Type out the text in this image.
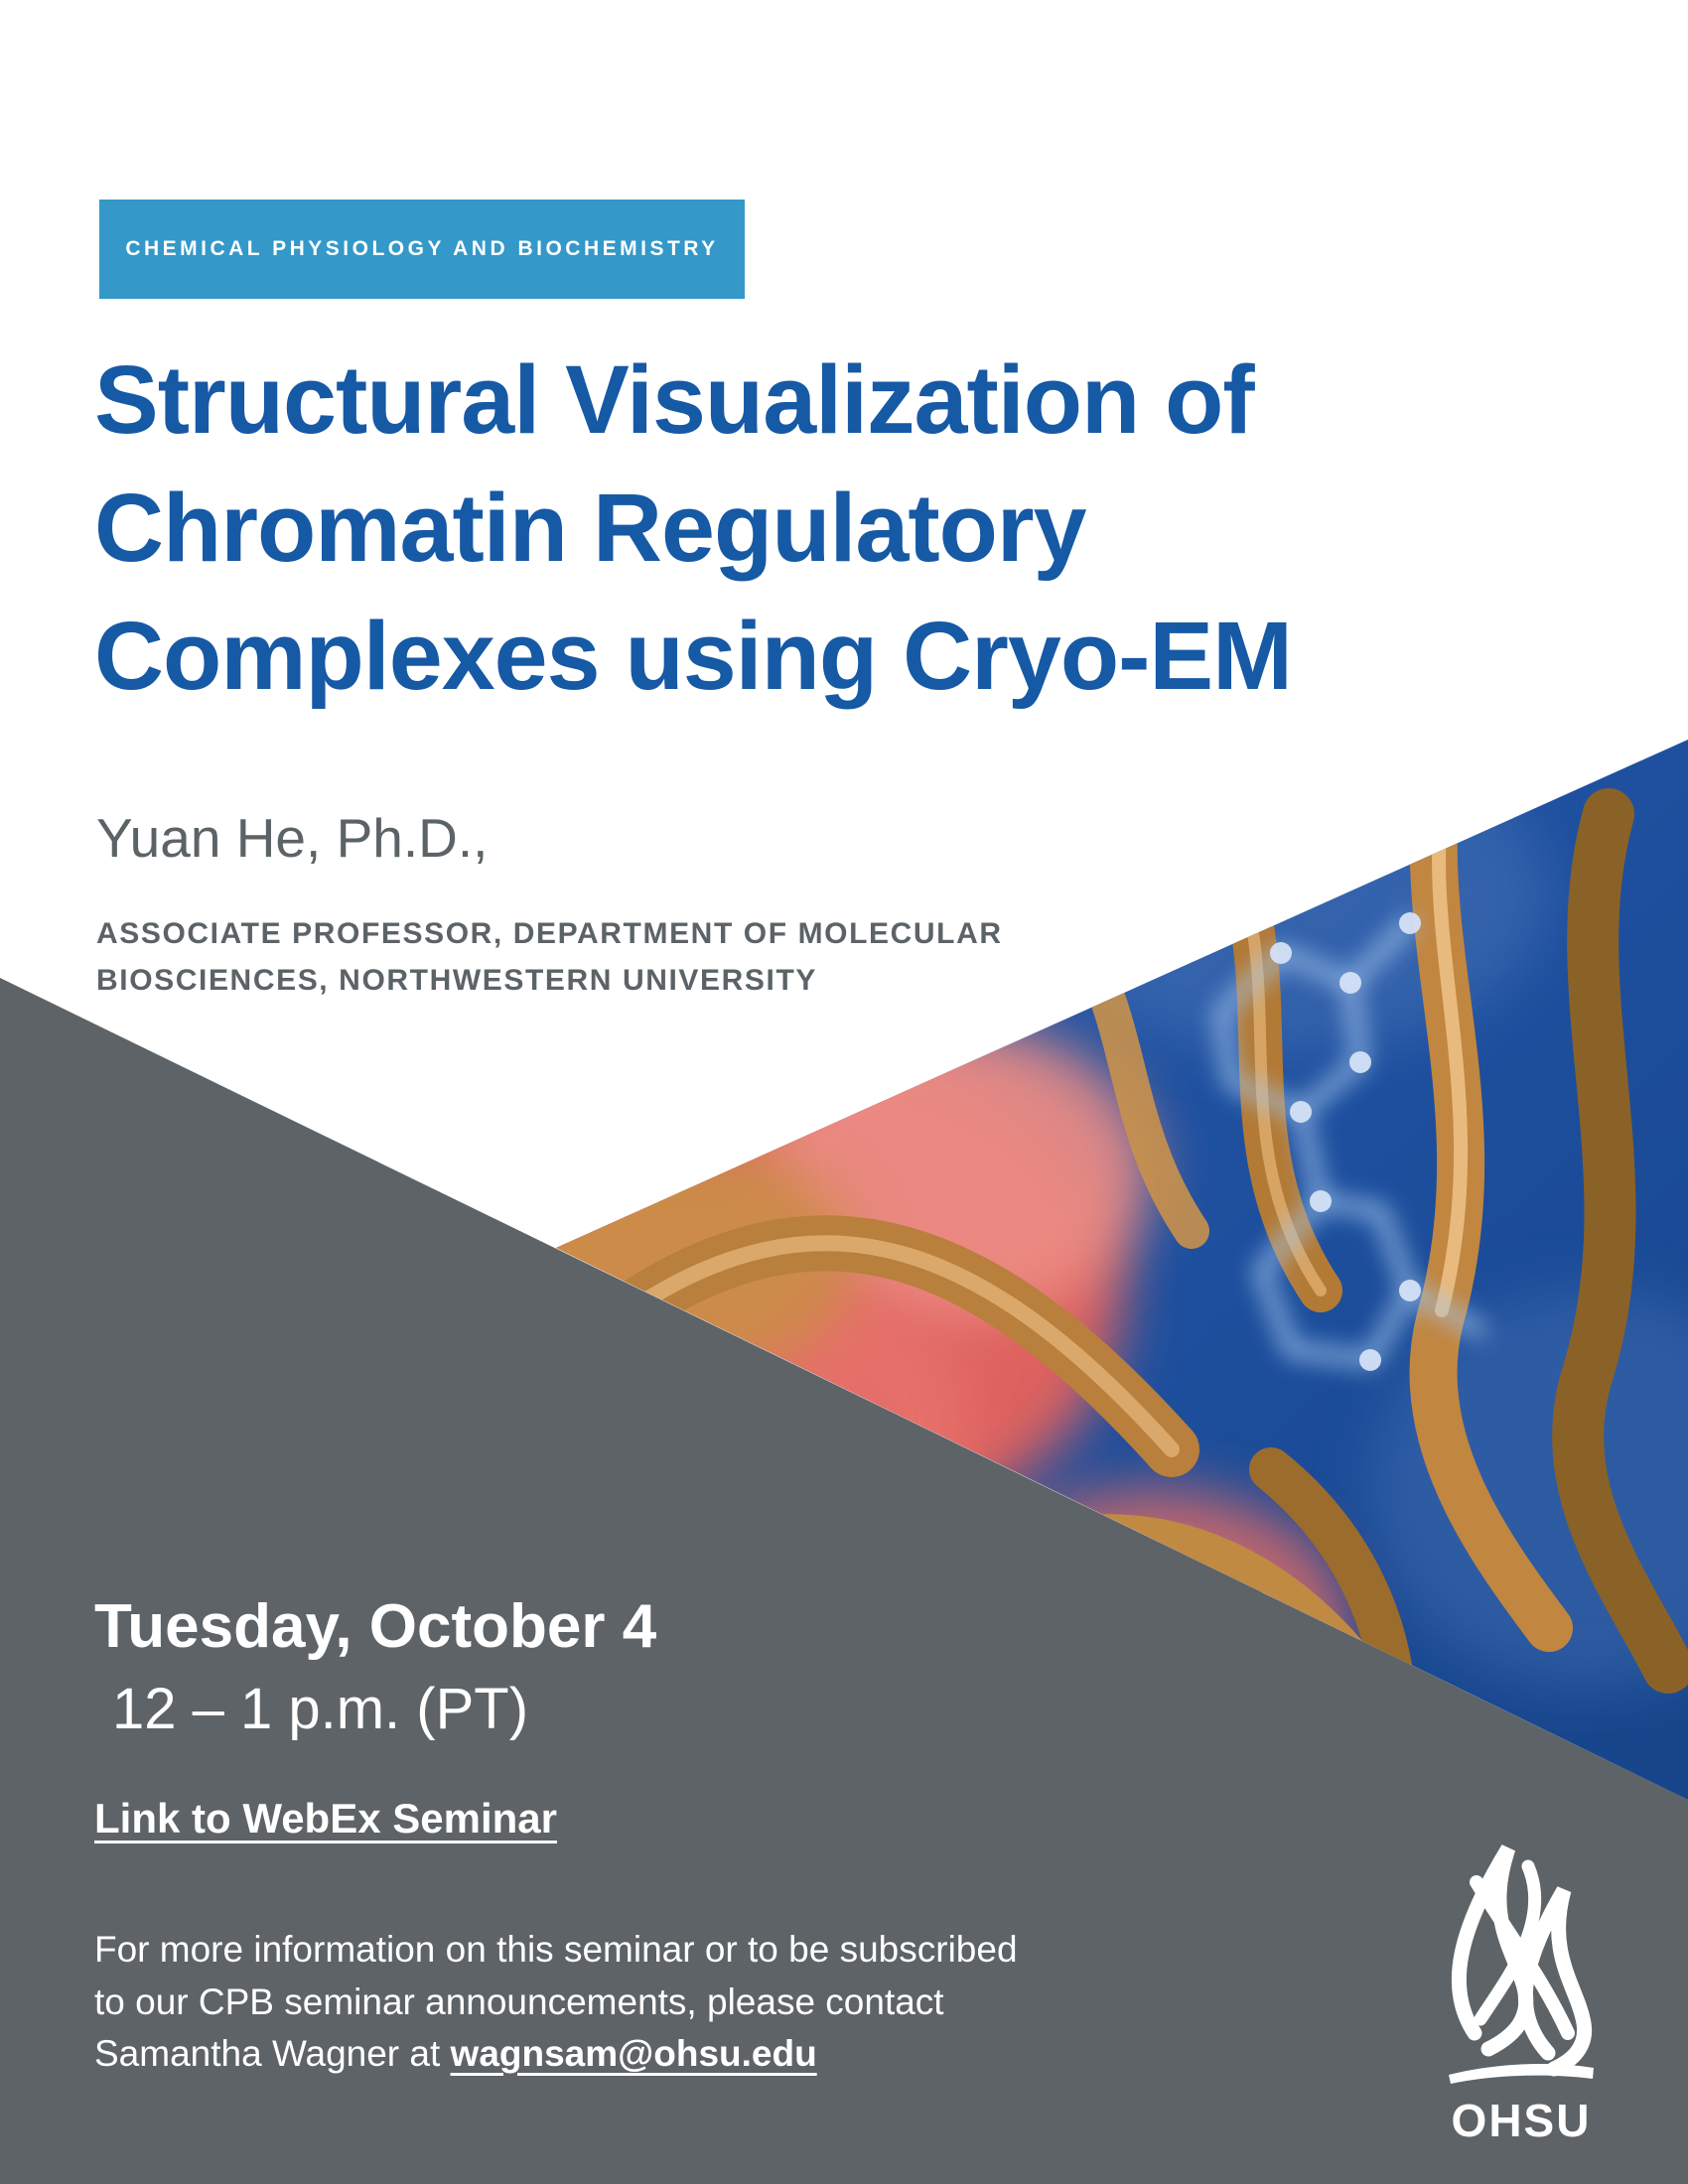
CHEMICAL PHYSIOLOGY AND BIOCHEMISTRY
Structural Visualization of
Chromatin Regulatory
Complexes using Cryo-EM
Yuan He, Ph.D.,
ASSOCIATE PROFESSOR, DEPARTMENT OF MOLECULAR
BIOSCIENCES, NORTHWESTERN UNIVERSITY
Tuesday, October 4
12 – 1 p.m. (PT)
Link to WebEx Seminar
For more information on this seminar or to be subscribed
to our CPB seminar announcements, please contact
Samantha Wagner at wagnsam@ohsu.edu
OHSU
